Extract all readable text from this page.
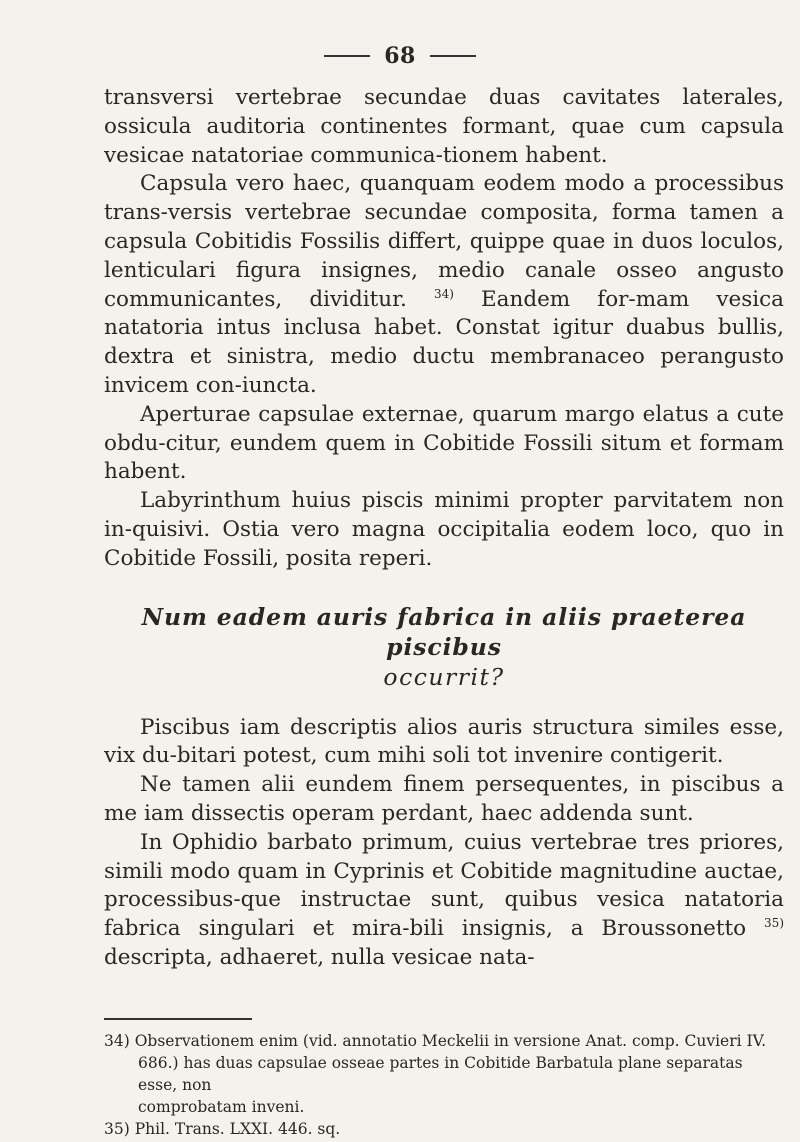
68

transversi vertebrae secundae duas cavitates laterales, ossicula auditoria continentes formant, quae cum capsula vesicae natatoriae communica-tionem habent.

Capsula vero haec, quanquam eodem modo a processibus trans-versis vertebrae secundae composita, forma tamen a capsula Cobitidis Fossilis differt, quippe quae in duos loculos, lenticulari figura insignes, medio canale osseo angusto communicantes, dividitur. $^{34)}$ Eandem for-mam vesica natatoria intus inclusa habet. Constat igitur duabus bullis, dextra et sinistra, medio ductu membranaceo perangusto invicem con-iuncta.

Aperturae capsulae externae, quarum margo elatus a cute obdu-citur, eundem quem in Cobitide Fossili situm et formam habent.

Labyrinthum huius piscis minimi propter parvitatem non in-quisivi. Ostia vero magna occipitalia eodem loco, quo in Cobitide Fossili, posita reperi.

Num eadem auris fabrica in aliis praeterea piscibus
occurrit?

Piscibus iam descriptis alios auris structura similes esse, vix du-bitari potest, cum mihi soli tot invenire contigerit.

Ne tamen alii eundem finem persequentes, in piscibus a me iam dissectis operam perdant, haec addenda sunt.

In Ophidio barbato primum, cuius vertebrae tres priores, simili modo quam in Cyprinis et Cobitide magnitudine auctae, processibus-que instructae sunt, quibus vesica natatoria fabrica singulari et mira-bili insignis, a Broussonetto $^{35)}$ descripta, adhaeret, nulla vesicae nata-

34) Observationem enim (vid. annotatio Meckelii in versione Anat. comp. Cuvieri IV.

686.) has duas capsulae osseae partes in Cobitide Barbatula plane separatas esse, non

comprobatam inveni.

35) Phil. Trans. LXXI. 446. sq.
